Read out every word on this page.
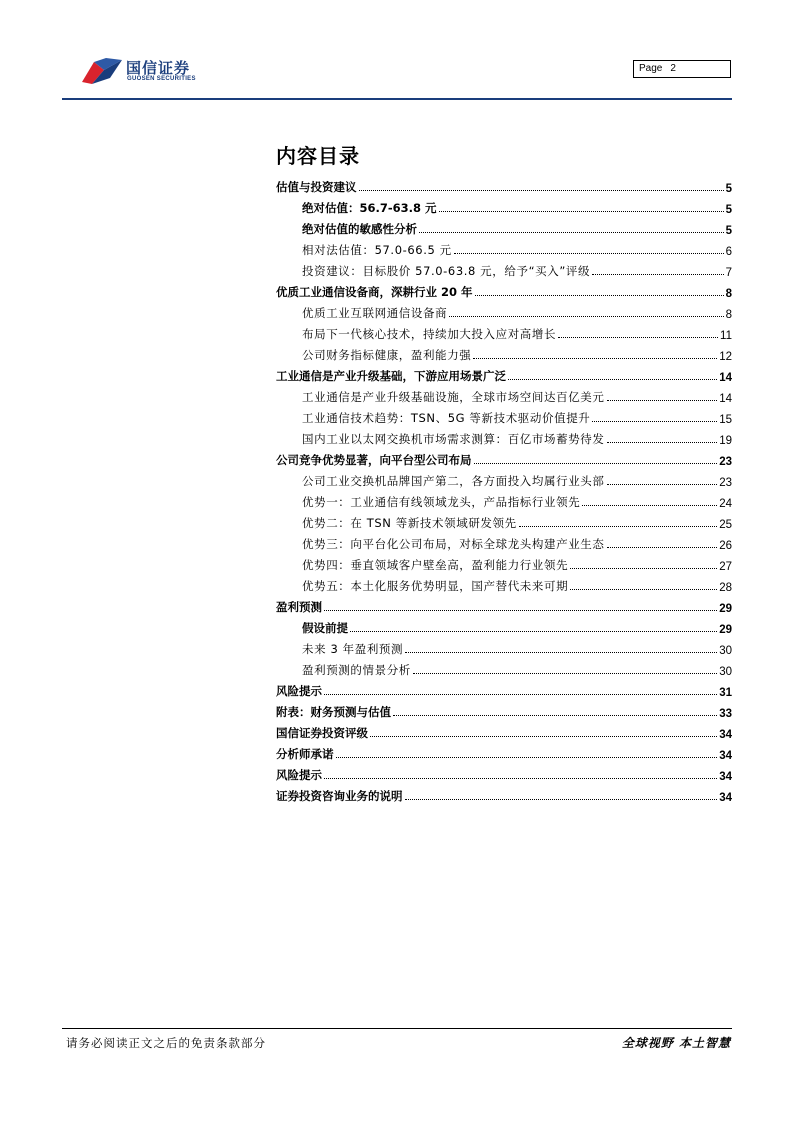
国信证券
GUOSEN SECURITIES
Page 2
内容目录
估值与投资建议	5
绝对估值：56.7-63.8 元	5
绝对估值的敏感性分析	5
相对法估值：57.0-66.5 元	6
投资建议：目标股价 57.0-63.8 元，给予“买入”评级	7
优质工业通信设备商，深耕行业 20 年	8
优质工业互联网通信设备商	8
布局下一代核心技术，持续加大投入应对高增长	11
公司财务指标健康，盈利能力强	12
工业通信是产业升级基础，下游应用场景广泛	14
工业通信是产业升级基础设施，全球市场空间达百亿美元	14
工业通信技术趋势：TSN、5G 等新技术驱动价值提升	15
国内工业以太网交换机市场需求测算：百亿市场蓄势待发	19
公司竞争优势显著，向平台型公司布局	23
公司工业交换机品牌国产第二，各方面投入均属行业头部	23
优势一：工业通信有线领域龙头，产品指标行业领先	24
优势二：在 TSN 等新技术领域研发领先	25
优势三：向平台化公司布局，对标全球龙头构建产业生态	26
优势四：垂直领域客户壁垒高，盈利能力行业领先	27
优势五：本土化服务优势明显，国产替代未来可期	28
盈利预测	29
假设前提	29
未来 3 年盈利预测	30
盈利预测的情景分析	30
风险提示	31
附表：财务预测与估值	33
国信证券投资评级	34
分析师承诺	34
风险提示	34
证券投资咨询业务的说明	34
请务必阅读正文之后的免责条款部分	全球视野 本土智慧
